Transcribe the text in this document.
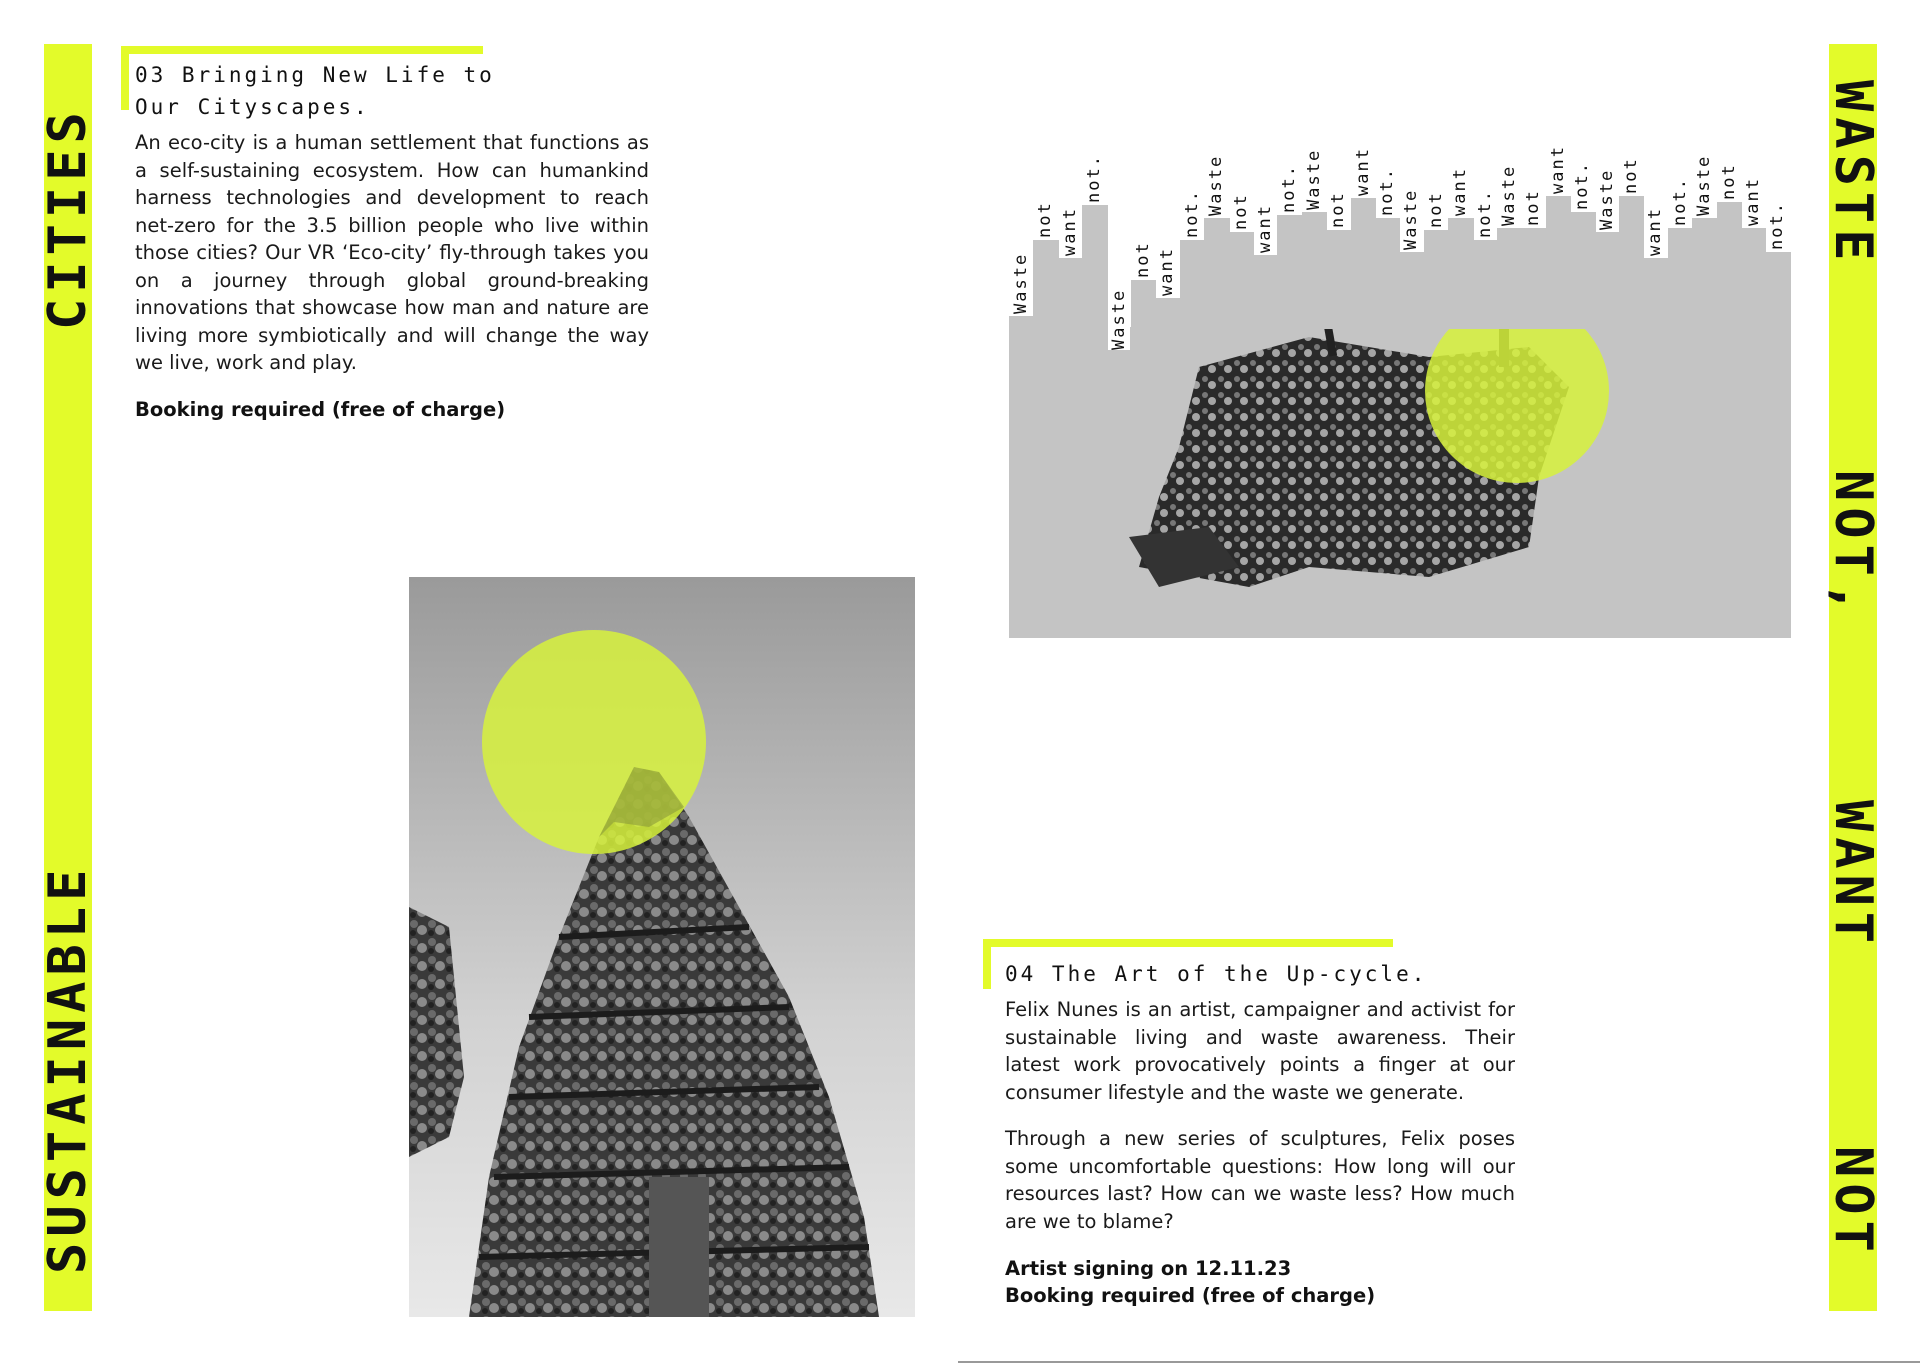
SUSTAINABLE
CITIES	WASTE
NOT,
WANT
NOT
03 Bringing New Life to
Our Cityscapes.
An eco-city is a human settlement that functions as a self-sustaining ecosystem. How can humankind harness technologies and development to reach net-zero for the 3.5 billion people who live within those cities? Our VR ‘Eco-city’ fly-through takes you on a journey through global ground-breaking innovations that showcase how man and nature are living more symbiotically and will change the way we live, work and play.
Booking required (free of charge)
Waste
not want
not.
Waste
not want
not. Waste not want
not. Waste not
want not. Waste not want not. Waste not
want not. Waste not
want
not. Waste not want not.
04 The Art of the Up-cycle.
Felix Nunes is an artist, campaigner and activist for sustainable living and waste awareness. Their latest work provocatively points a finger at our consumer lifestyle and the waste we generate.
Through a new series of sculptures, Felix poses some uncomfortable questions: How long will our resources last? How can we waste less? How much are we to blame?
Artist signing on 12.11.23
Booking required (free of charge)
